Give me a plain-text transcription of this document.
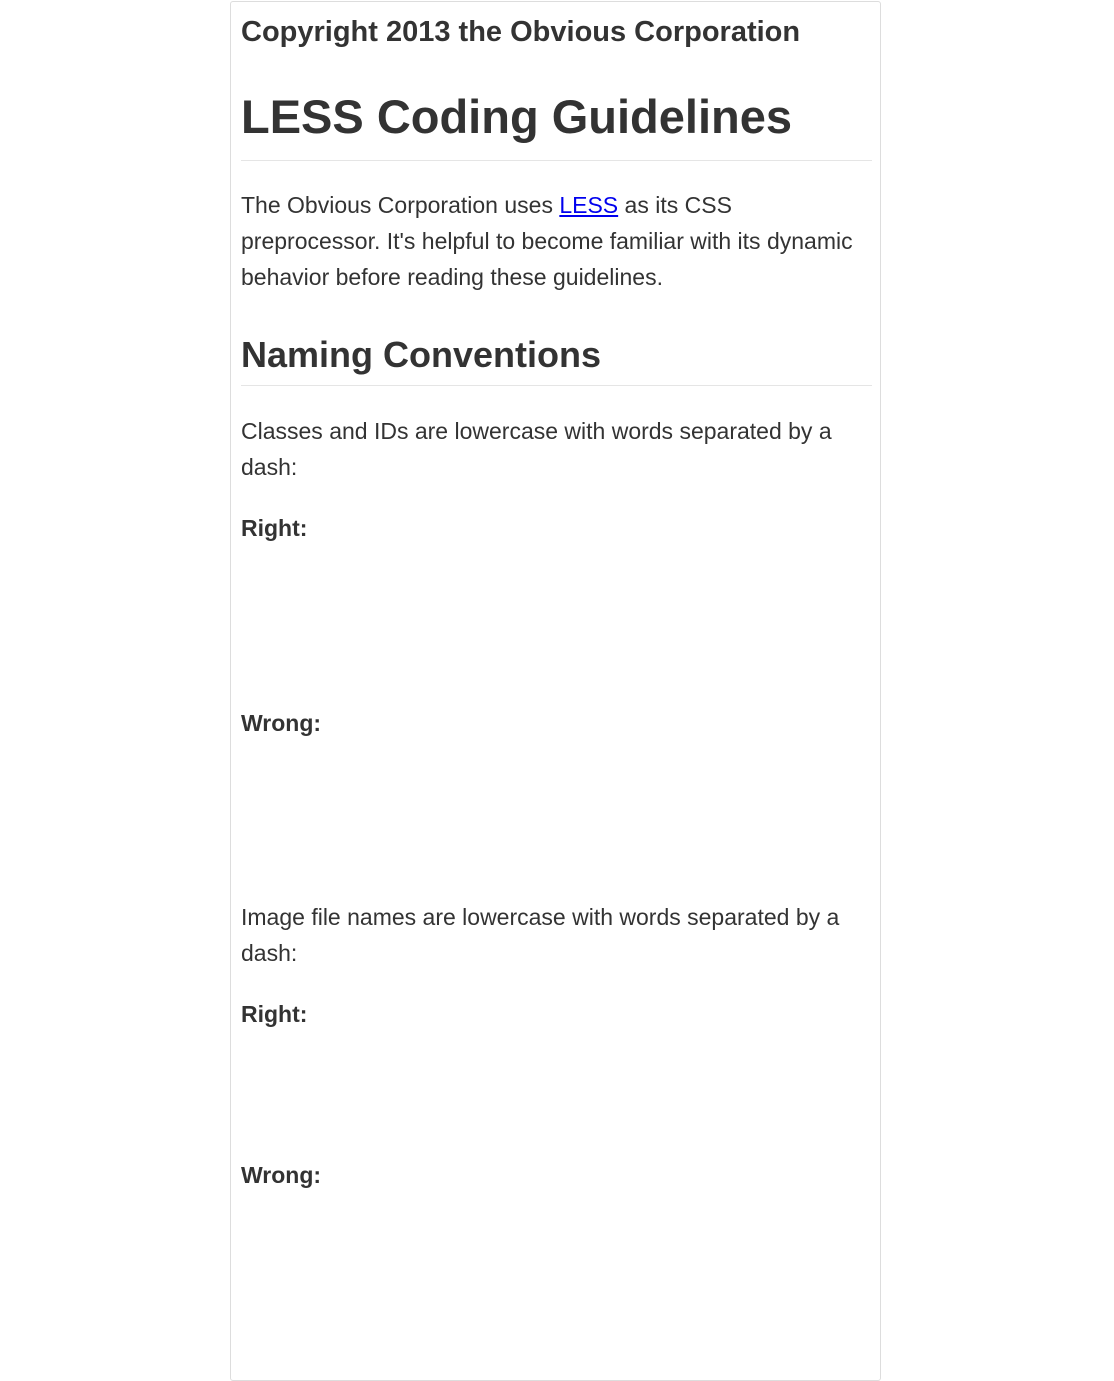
Copyright 2013 the Obvious Corporation

LESS Coding Guidelines

The Obvious Corporation uses LESS as its CSS preprocessor. It's helpful to become familiar with its dynamic behavior before reading these guidelines.

Naming Conventions

Classes and IDs are lowercase with words separated by a dash:

Right:

Wrong:

Image file names are lowercase with words separated by a dash:

Right:

Wrong:
